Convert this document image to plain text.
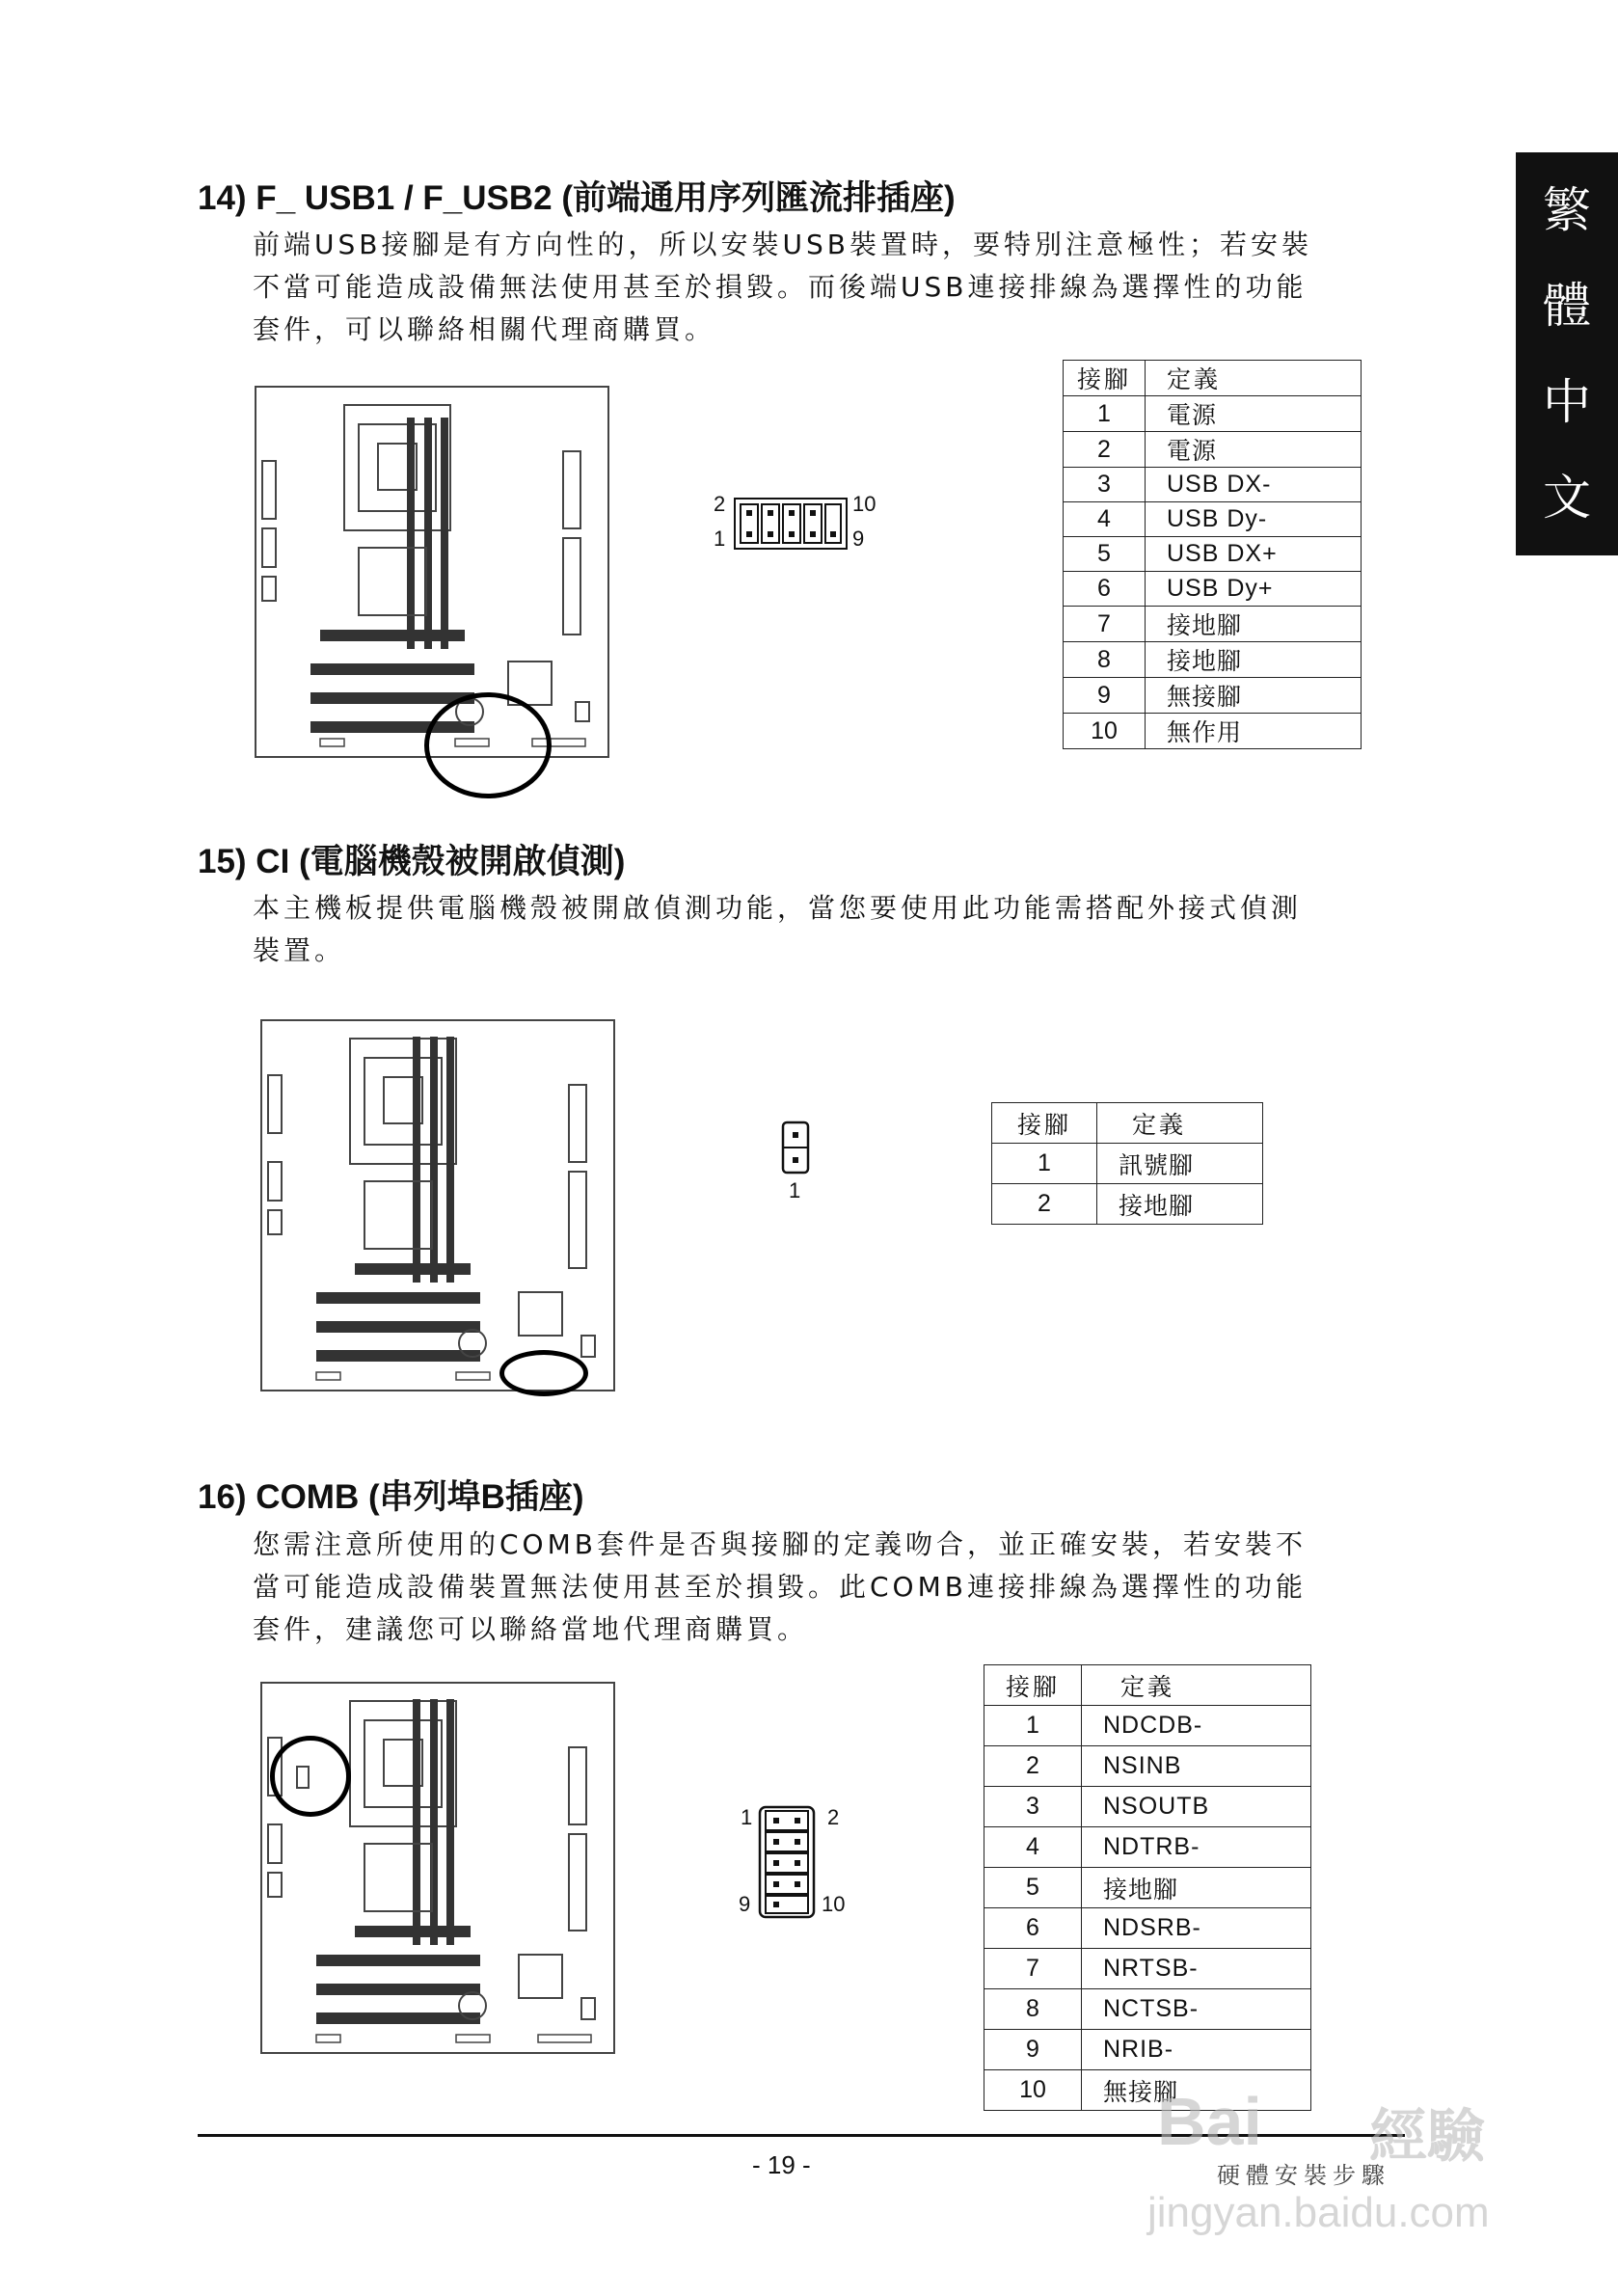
繁
體
中
文
14) F_ USB1 / F_USB2 (前端通用序列匯流排插座)

前端USB接腳是有方向性的，所以安裝USB裝置時，要特別注意極性；若安裝
不當可能造成設備無法使用甚至於損毀。而後端USB連接排線為選擇性的功能
套件，可以聯絡相關代理商購買。

2
1
10
9
接腳	定義
1	電源
2	電源
3	USB DX-
4	USB Dy-
5	USB DX+
6	USB Dy+
7	接地腳
8	接地腳
9	無接腳
10	無作用
15) CI (電腦機殼被開啟偵測)

本主機板提供電腦機殼被開啟偵測功能，當您要使用此功能需搭配外接式偵測
裝置。

1
接腳	定義
1	訊號腳
2	接地腳
16) COMB (串列埠B插座)

您需注意所使用的COMB套件是否與接腳的定義吻合，並正確安裝，若安裝不
當可能造成設備裝置無法使用甚至於損毀。此COMB連接排線為選擇性的功能
套件，建議您可以聯絡當地代理商購買。

1	2
9	10
接腳	定義
1	NDCDB-
2	NSINB
3	NSOUTB
4	NDTRB-
5	接地腳
6	NDSRB-
7	NRTSB-
8	NCTSB-
9	NRIB-
10	無接腳
- 19 -	硬體安裝步驟
Bai 經驗
jingyan.baidu.com
